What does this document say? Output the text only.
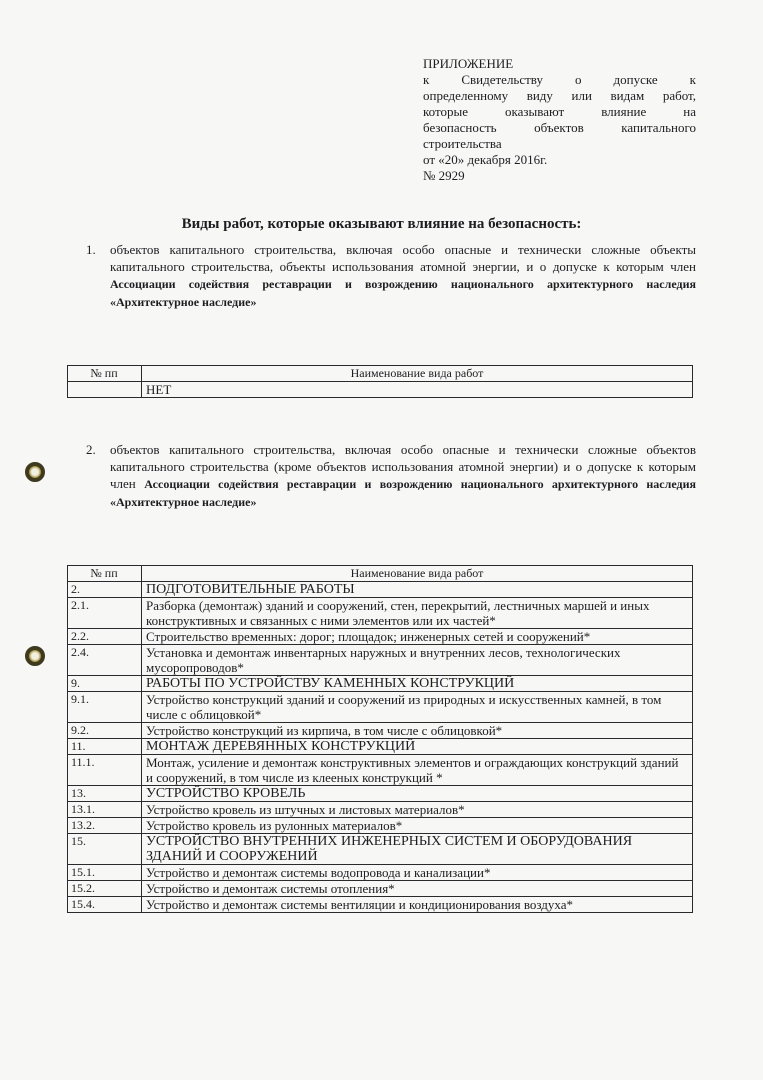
ПРИЛОЖЕНИЕ
к Свидетельству о допуске к
определенному виду или видам работ,
которые оказывают влияние на
безопасность объектов капитального
строительства
от «20» декабря 2016г.
№ 2929
Виды работ, которые оказывают влияние на безопасность:
1. объектов капитального строительства, включая особо опасные и технически сложные объекты капитального строительства, объекты использования атомной энергии, и о допуске к которым член Ассоциации содействия реставрации и возрождению национального архитектурного наследия «Архитектурное наследие»
№ пп	Наименование вида работ
	НЕТ
2. объектов капитального строительства, включая особо опасные и технически сложные объектов капитального строительства (кроме объектов использования атомной энергии) и о допуске к которым член Ассоциации содействия реставрации и возрождению национального архитектурного наследия «Архитектурное наследие»
№ пп	Наименование вида работ
2.	ПОДГОТОВИТЕЛЬНЫЕ РАБОТЫ
2.1.	Разборка (демонтаж) зданий и сооружений, стен, перекрытий, лестничных маршей и иных конструктивных и связанных с ними элементов или их частей*
2.2.	Строительство временных: дорог; площадок; инженерных сетей и сооружений*
2.4.	Установка и демонтаж инвентарных наружных и внутренних лесов, технологических мусоропроводов*
9.	РАБОТЫ ПО УСТРОЙСТВУ КАМЕННЫХ КОНСТРУКЦИЙ
9.1.	Устройство конструкций зданий и сооружений из природных и искусственных камней, в том числе с облицовкой*
9.2.	Устройство конструкций из кирпича, в том числе с облицовкой*
11.	МОНТАЖ ДЕРЕВЯННЫХ КОНСТРУКЦИЙ
11.1.	Монтаж, усиление и демонтаж конструктивных элементов и ограждающих конструкций зданий и сооружений, в том числе из клееных конструкций *
13.	УСТРОЙСТВО КРОВЕЛЬ
13.1.	Устройство кровель из штучных и листовых материалов*
13.2.	Устройство кровель из рулонных материалов*
15.	УСТРОЙСТВО ВНУТРЕННИХ ИНЖЕНЕРНЫХ СИСТЕМ И ОБОРУДОВАНИЯ ЗДАНИЙ И СООРУЖЕНИЙ
15.1.	Устройство и демонтаж системы водопровода и канализации*
15.2.	Устройство и демонтаж системы отопления*
15.4.	Устройство и демонтаж системы вентиляции и кондиционирования воздуха*
